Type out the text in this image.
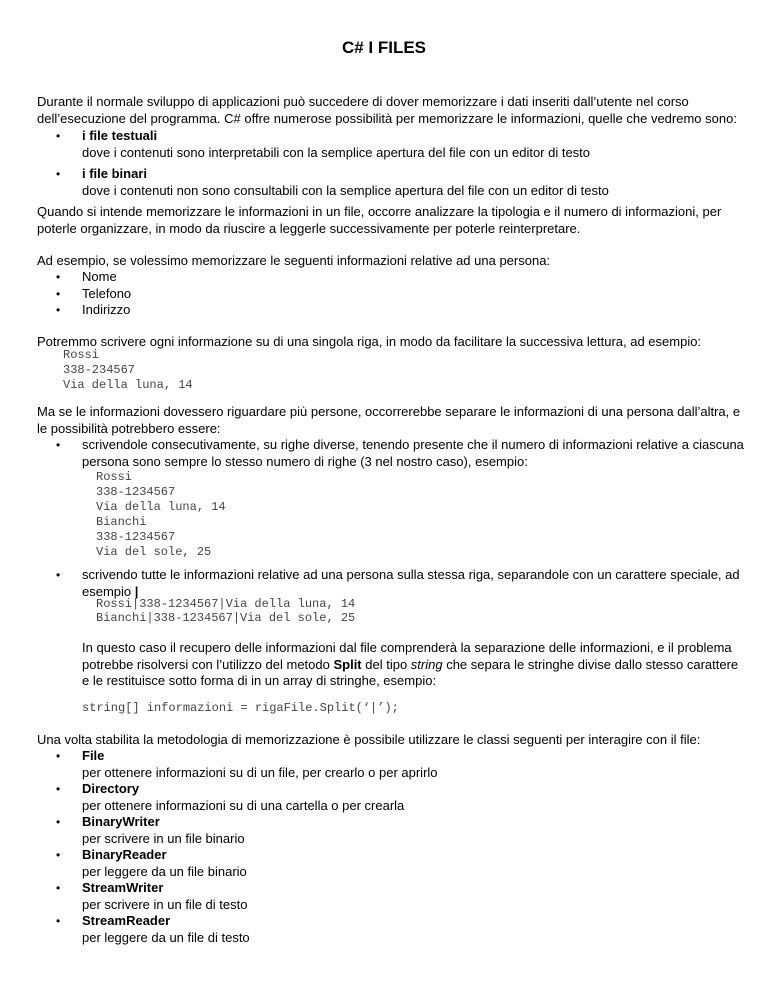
C# I FILES
Durante il normale sviluppo di applicazioni può succedere di dover memorizzare i dati inseriti dall’utente nel corso dell’esecuzione del programma. C# offre numerose possibilità per memorizzare le informazioni, quelle che vedremo sono:
•	i file testuali
dove i contenuti sono interpretabili con la semplice apertura del file con un editor di testo
•	i file binari
dove i contenuti non sono consultabili con la semplice apertura del file con un editor di testo
Quando si intende memorizzare le informazioni in un file, occorre analizzare la tipologia e il numero di informazioni, per poterle organizzare, in modo da riuscire a leggerle successivamente per poterle reinterpretare.
Ad esempio, se volessimo memorizzare le seguenti informazioni relative ad una persona:
•	Nome
•	Telefono
•	Indirizzo
Potremmo scrivere ogni informazione su di una singola riga, in modo da facilitare la successiva lettura, ad esempio:
Rossi
338-234567
Via della luna, 14
Ma se le informazioni dovessero riguardare più persone, occorrerebbe separare le informazioni di una persona dall’altra, e le possibilità potrebbero essere:
•	scrivendole consecutivamente, su righe diverse, tenendo presente che il numero di informazioni relative a ciascuna persona sono sempre lo stesso numero di righe (3 nel nostro caso), esempio:
Rossi
338-1234567
Via della luna, 14
Bianchi
338-1234567
Via del sole, 25
•	scrivendo tutte le informazioni relative ad una persona sulla stessa riga, separandole con un carattere speciale, ad esempio |
Rossi|338-1234567|Via della luna, 14
Bianchi|338-1234567|Via del sole, 25
In questo caso il recupero delle informazioni dal file comprenderà la separazione delle informazioni, e il problema potrebbe risolversi con l’utilizzo del metodo Split del tipo string che separa le stringhe divise dallo stesso carattere e le restituisce sotto forma di in un array di stringhe, esempio:
string[] informazioni = rigaFile.Split(‘|’);
Una volta stabilita la metodologia di memorizzazione è possibile utilizzare le classi seguenti per interagire con il file:
•	File
per ottenere informazioni su di un file, per crearlo o per aprirlo
•	Directory
per ottenere informazioni su di una cartella o per crearla
•	BinaryWriter
per scrivere in un file binario
•	BinaryReader
per leggere da un file binario
•	StreamWriter
per scrivere in un file di testo
•	StreamReader
per leggere da un file di testo
